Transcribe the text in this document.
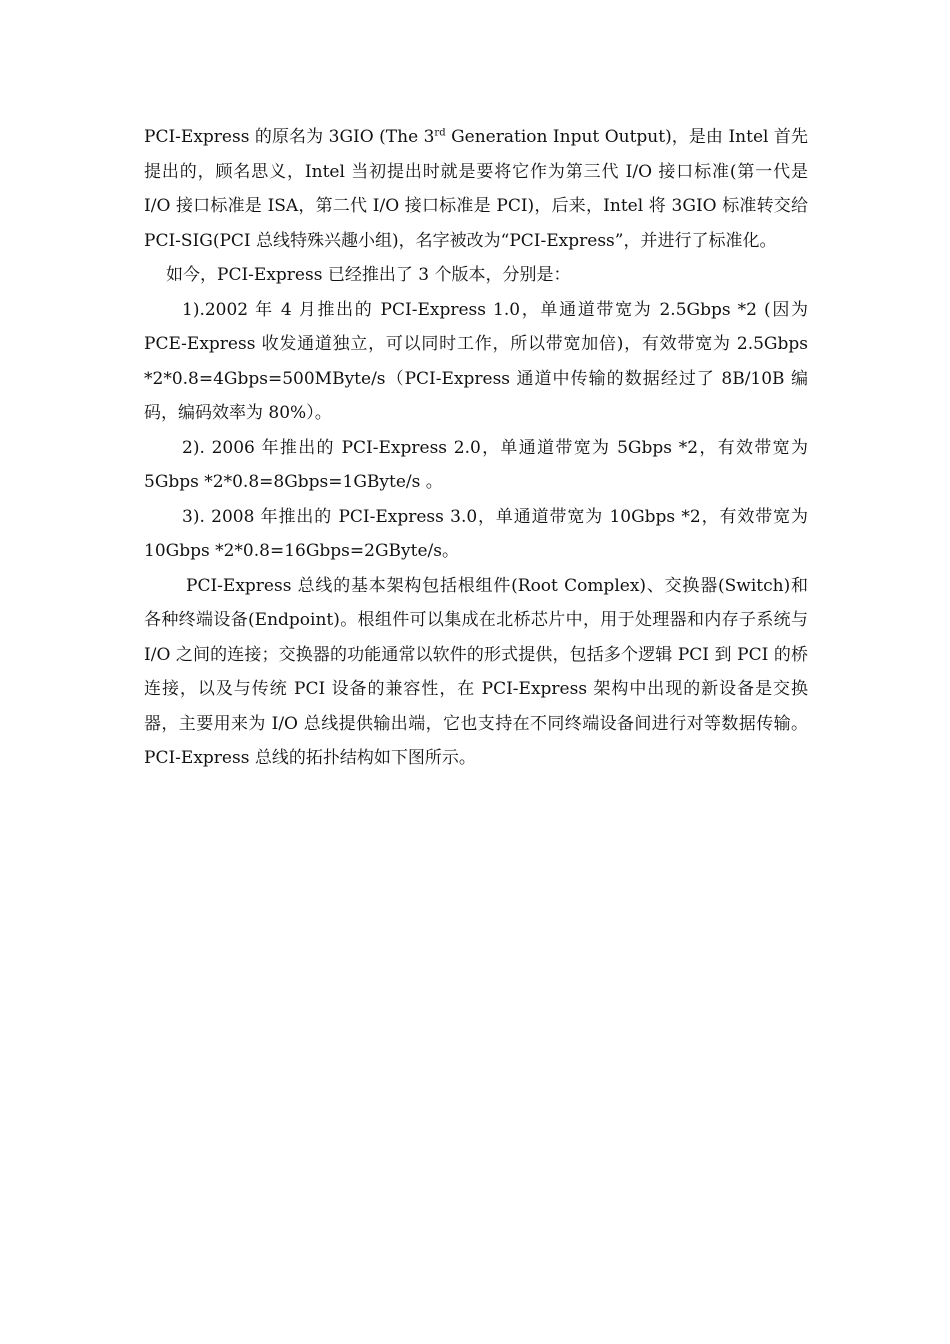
PCI-Express 的原名为 3GIO (The 3rd Generation Input Output)，是由 Intel 首先提出的，顾名思义，Intel 当初提出时就是要将它作为第三代 I/O 接口标准(第一代是 I/O 接口标准是 ISA，第二代 I/O 接口标准是 PCI)，后来，Intel 将 3GIO 标准转交给 PCI-SIG(PCI 总线特殊兴趣小组)，名字被改为“PCI-Express”，并进行了标准化。

如今，PCI-Express 已经推出了 3 个版本，分别是：

1).2002 年 4 月推出的 PCI-Express 1.0，单通道带宽为 2.5Gbps *2 (因为 PCE-Express 收发通道独立，可以同时工作，所以带宽加倍)，有效带宽为 2.5Gbps *2*0.8=4Gbps=500MByte/s（PCI-Express 通道中传输的数据经过了 8B/10B 编码，编码效率为 80%）。

2). 2006 年推出的 PCI-Express 2.0，单通道带宽为 5Gbps *2，有效带宽为 5Gbps *2*0.8=8Gbps=1GByte/s 。

3). 2008 年推出的 PCI-Express 3.0，单通道带宽为 10Gbps *2，有效带宽为 10Gbps *2*0.8=16Gbps=2GByte/s。

PCI-Express 总线的基本架构包括根组件(Root Complex)、交换器(Switch)和各种终端设备(Endpoint)。根组件可以集成在北桥芯片中，用于处理器和内存子系统与 I/O 之间的连接；交换器的功能通常以软件的形式提供，包括多个逻辑 PCI 到 PCI 的桥连接，以及与传统 PCI 设备的兼容性，在 PCI-Express 架构中出现的新设备是交换器，主要用来为 I/O 总线提供输出端，它也支持在不同终端设备间进行对等数据传输。PCI-Express 总线的拓扑结构如下图所示。
